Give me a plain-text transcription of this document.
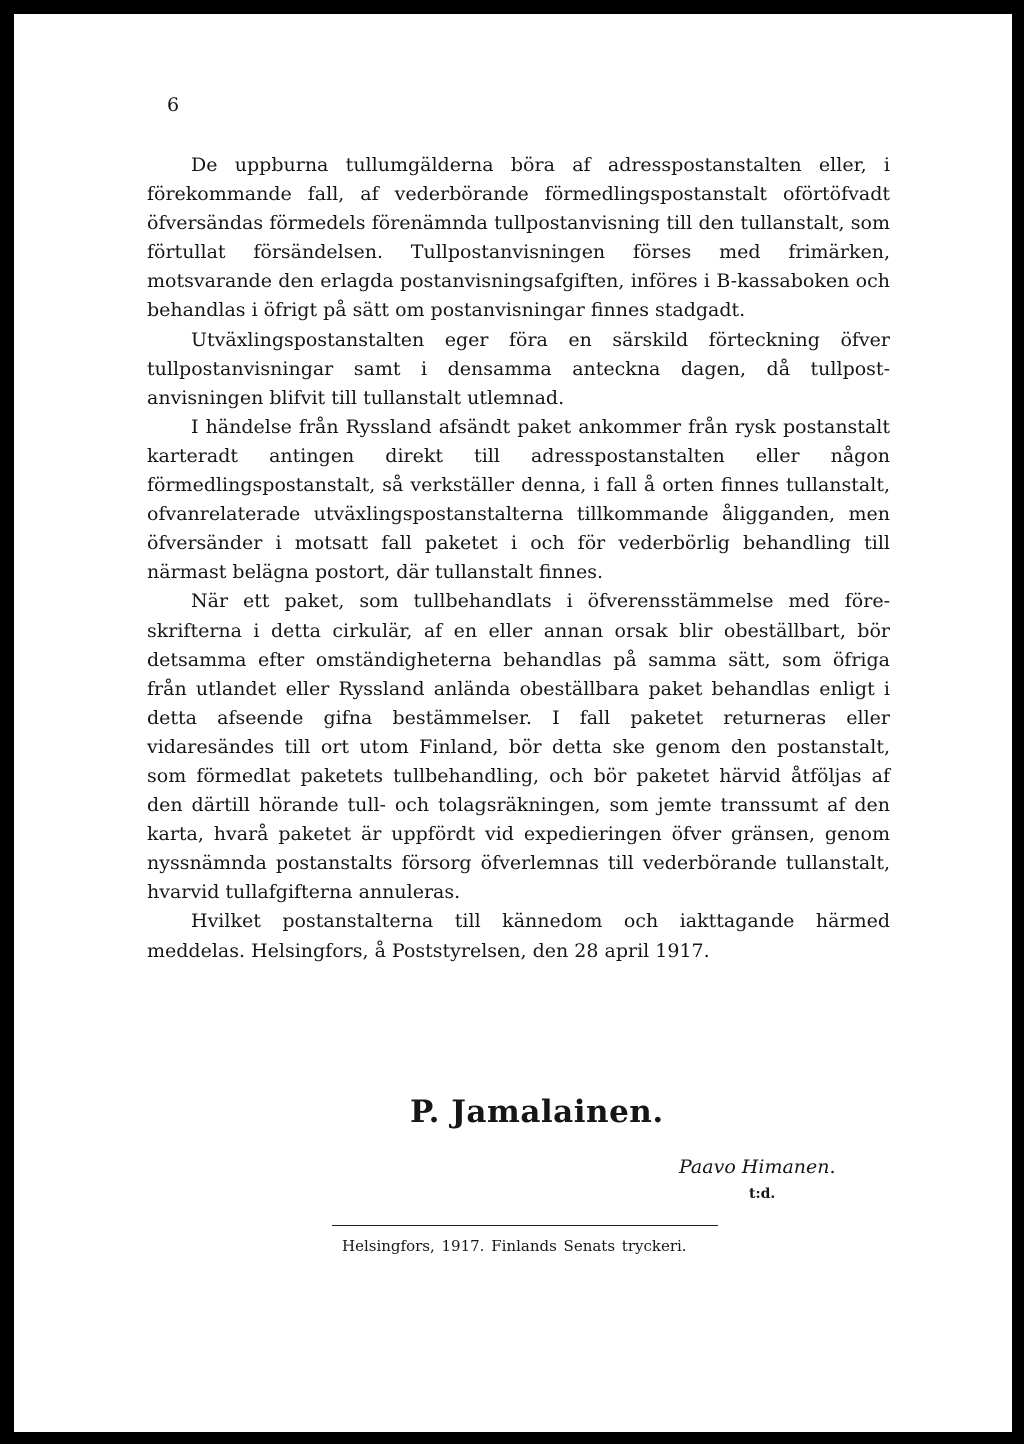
6

De uppburna tullumgälderna böra af adresspostanstalten eller, i förekommande fall, af vederbörande förmedlingspostanstalt oförtöfvadt öfversändas förmedels förenämnda tullpostanvisning till den tullanstalt, som förtullat försändelsen. Tullpostanvisningen förses med frimärken, motsvarande den erlagda postanvisningsafgiften, införes i B-kassaboken och behandlas i öfrigt på sätt om postanvisningar finnes stadgadt.

Utväxlingspostanstalten eger föra en särskild förteckning öfver tullpostanvisningar samt i densamma anteckna dagen, då tullpostanvisningen blifvit till tullanstalt utlemnad.

I händelse från Ryssland afsändt paket ankommer från rysk postanstalt karteradt antingen direkt till adresspostanstalten eller någon förmedlingspostanstalt, så verkställer denna, i fall å orten finnes tullanstalt, ofvanrelaterade utväxlingspostanstalterna tillkommande åligganden, men öfversänder i motsatt fall paketet i och för vederbörlig behandling till närmast belägna postort, där tullanstalt finnes.

När ett paket, som tullbehandlats i öfverensstämmelse med föreskrifterna i detta cirkulär, af en eller annan orsak blir obeställbart, bör detsamma efter omständigheterna behandlas på samma sätt, som öfriga från utlandet eller Ryssland anlända obeställbara paket behandlas enligt i detta afseende gifna bestämmelser. I fall paketet returneras eller vidaresändes till ort utom Finland, bör detta ske genom den postanstalt, som förmedlat paketets tullbehandling, och bör paketet härvid åtföljas af den därtill hörande tull- och tolagsräkningen, som jemte transsumt af den karta, hvarå paketet är uppfördt vid expedieringen öfver gränsen, genom nyssnämnda postanstalts försorg öfverlemnas till vederbörande tullanstalt, hvarvid tullafgifterna annuleras.

Hvilket postanstalterna till kännedom och iakttagande härmed meddelas. Helsingfors, å Poststyrelsen, den 28 april 1917.

P. Jamalainen.

Paavo Himanen.

t:d.

Helsingfors, 1917. Finlands Senats tryckeri.
